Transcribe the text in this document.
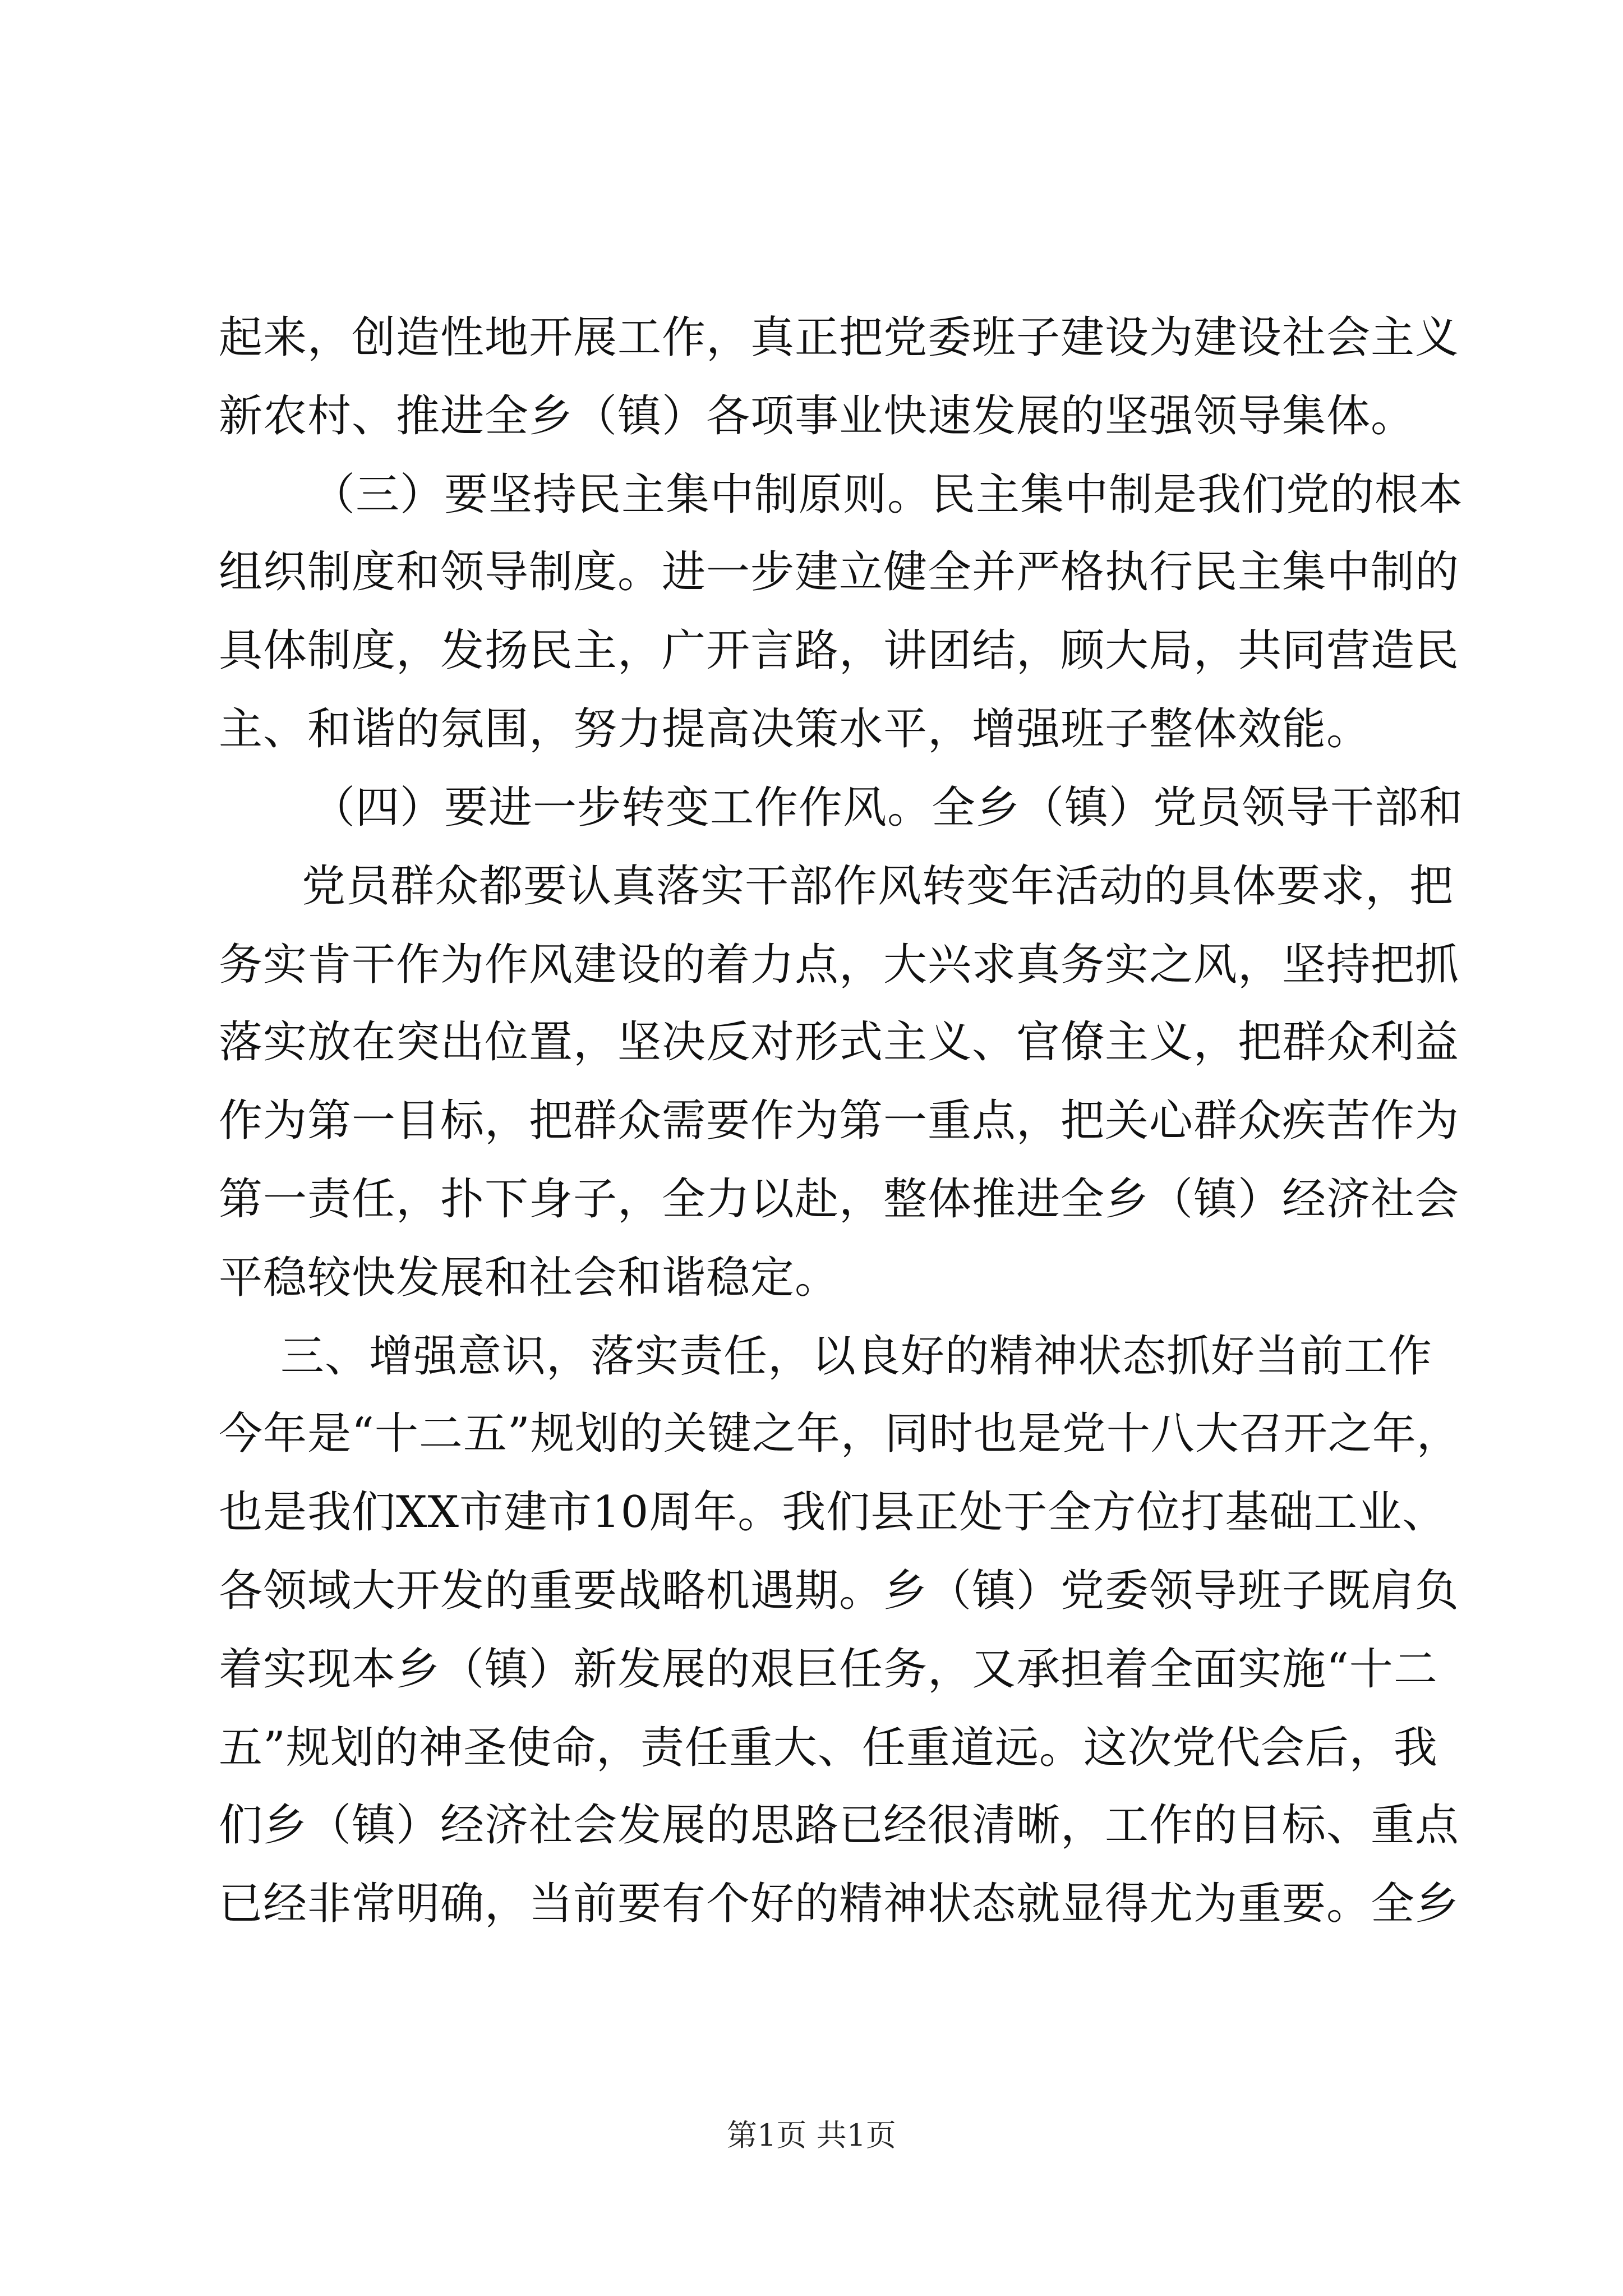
起来，创造性地开展工作，真正把党委班子建设为建设社会主义
新农村、推进全乡（镇）各项事业快速发展的坚强领导集体。
（三）要坚持民主集中制原则。民主集中制是我们党的根本
组织制度和领导制度。进一步建立健全并严格执行民主集中制的
具体制度，发扬民主，广开言路，讲团结，顾大局，共同营造民
主、和谐的氛围，努力提高决策水平，增强班子整体效能。
（四）要进一步转变工作作风。全乡（镇）党员领导干部和
党员群众都要认真落实干部作风转变年活动的具体要求，把
务实肯干作为作风建设的着力点，大兴求真务实之风，坚持把抓
落实放在突出位置，坚决反对形式主义、官僚主义，把群众利益
作为第一目标，把群众需要作为第一重点，把关心群众疾苦作为
第一责任，扑下身子，全力以赴，整体推进全乡（镇）经济社会
平稳较快发展和社会和谐稳定。
三、增强意识，落实责任，以良好的精神状态抓好当前工作
今年是“十二五”规划的关键之年，同时也是党十八大召开之年，
也是我们XX市建市10周年。我们县正处于全方位打基础工业、
各领域大开发的重要战略机遇期。乡（镇）党委领导班子既肩负
着实现本乡（镇）新发展的艰巨任务，又承担着全面实施“十二
五”规划的神圣使命，责任重大、任重道远。这次党代会后，我
们乡（镇）经济社会发展的思路已经很清晰，工作的目标、重点
已经非常明确，当前要有个好的精神状态就显得尤为重要。全乡
第1页 共1页
